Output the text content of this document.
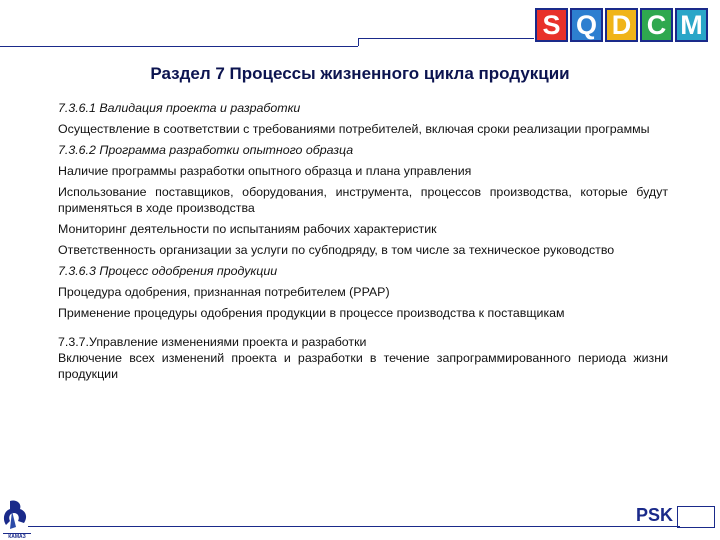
S Q D C M
Раздел 7 Процессы жизненного цикла продукции

7.3.6.1 Валидация проекта и разработки

Осуществление в соответствии с требованиями потребителей, включая сроки реализации программы

7.3.6.2 Программа разработки опытного образца

Наличие программы разработки опытного образца и плана управления

Использование поставщиков, оборудования, инструмента, процессов производства, которые будут применяться в ходе производства

Мониторинг деятельности по испытаниям рабочих характеристик

Ответственность организации за услуги по субподряду, в том числе за техническое руководство

7.3.6.3 Процесс одобрения продукции

Процедура одобрения, признанная потребителем (PPAP)

Применение процедуры одобрения продукции в процессе производства к поставщикам

7.3.7.Управление изменениями проекта и разработки

Включение всех изменений проекта и разработки в течение запрограммированного периода жизни продукции

КАМАЗ
PSK
